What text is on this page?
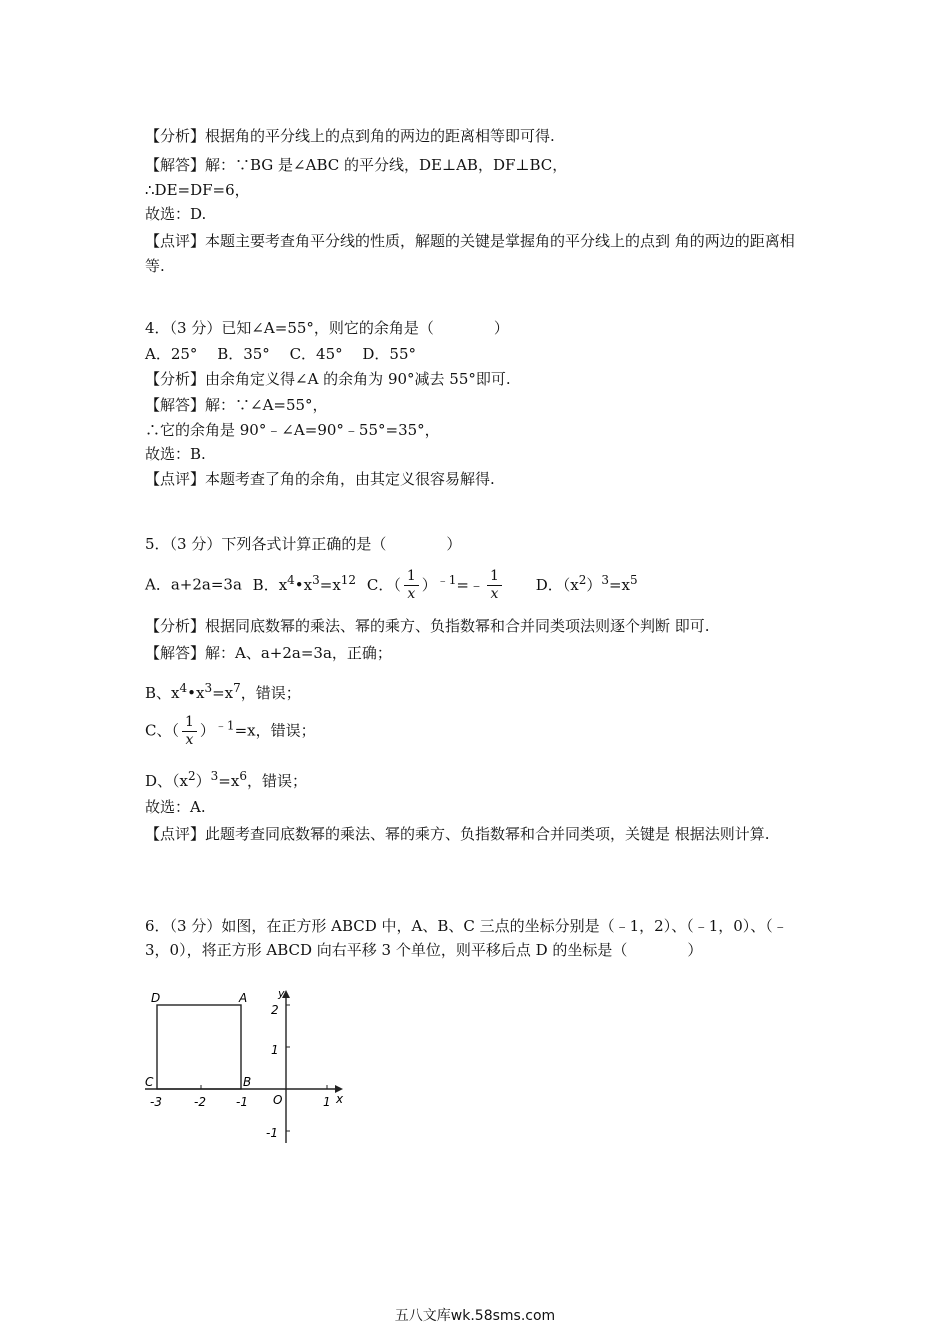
【分析】根据角的平分线上的点到角的两边的距离相等即可得.
【解答】解：∵BG 是∠ABC 的平分线，DE⊥AB，DF⊥BC，
∴DE=DF=6，
故选：D.
【点评】本题主要考查角平分线的性质，解题的关键是掌握角的平分线上的点到 角的两边的距离相等.
4．（3 分）已知∠A=55°，则它的余角是（　　　　）
A．25°　 B．35°　 C．45°　 D．55°
【分析】由余角定义得∠A 的余角为 90°减去 55°即可.
【解答】解：∵∠A=55°，
∴它的余角是 90°﹣∠A=90°﹣55°=35°，
故选：B.
【点评】本题考查了角的余角，由其定义很容易解得.
5．（3 分）下列各式计算正确的是（　　　　）
A．a+2a=3a B．$x^4•x^3=x^{12}$ C．（ $\frac{1}{x}$ ）$^{﹣1}$=﹣ $\frac{1}{x}$ D．$(x^2)^3=x^5$
【分析】根据同底数幂的乘法、幂的乘方、负指数幂和合并同类项法则逐个判断 即可.
【解答】解：A、a+2a=3a，正确；
B、$x^4•x^3=x^7$，错误；
C、（ $\frac{1}{x} )^{﹣1}=x$，错误；
D、$(x^2)^3=x^6$，错误；
故选：A.
【点评】此题考查同底数幂的乘法、幂的乘方、负指数幂和合并同类项，关键是 根据法则计算.
6．（3 分）如图，在正方形 ABCD 中，A、B、C 三点的坐标分别是（﹣1，2）、（﹣1，0）、（﹣3，0），将正方形 ABCD 向右平移 3 个单位，则平移后点 D 的坐标是（　　　　）
D	A
C	B
O	x
y
-3	-2	-1	1
2
1
-1
五八文库wk.58sms.com
